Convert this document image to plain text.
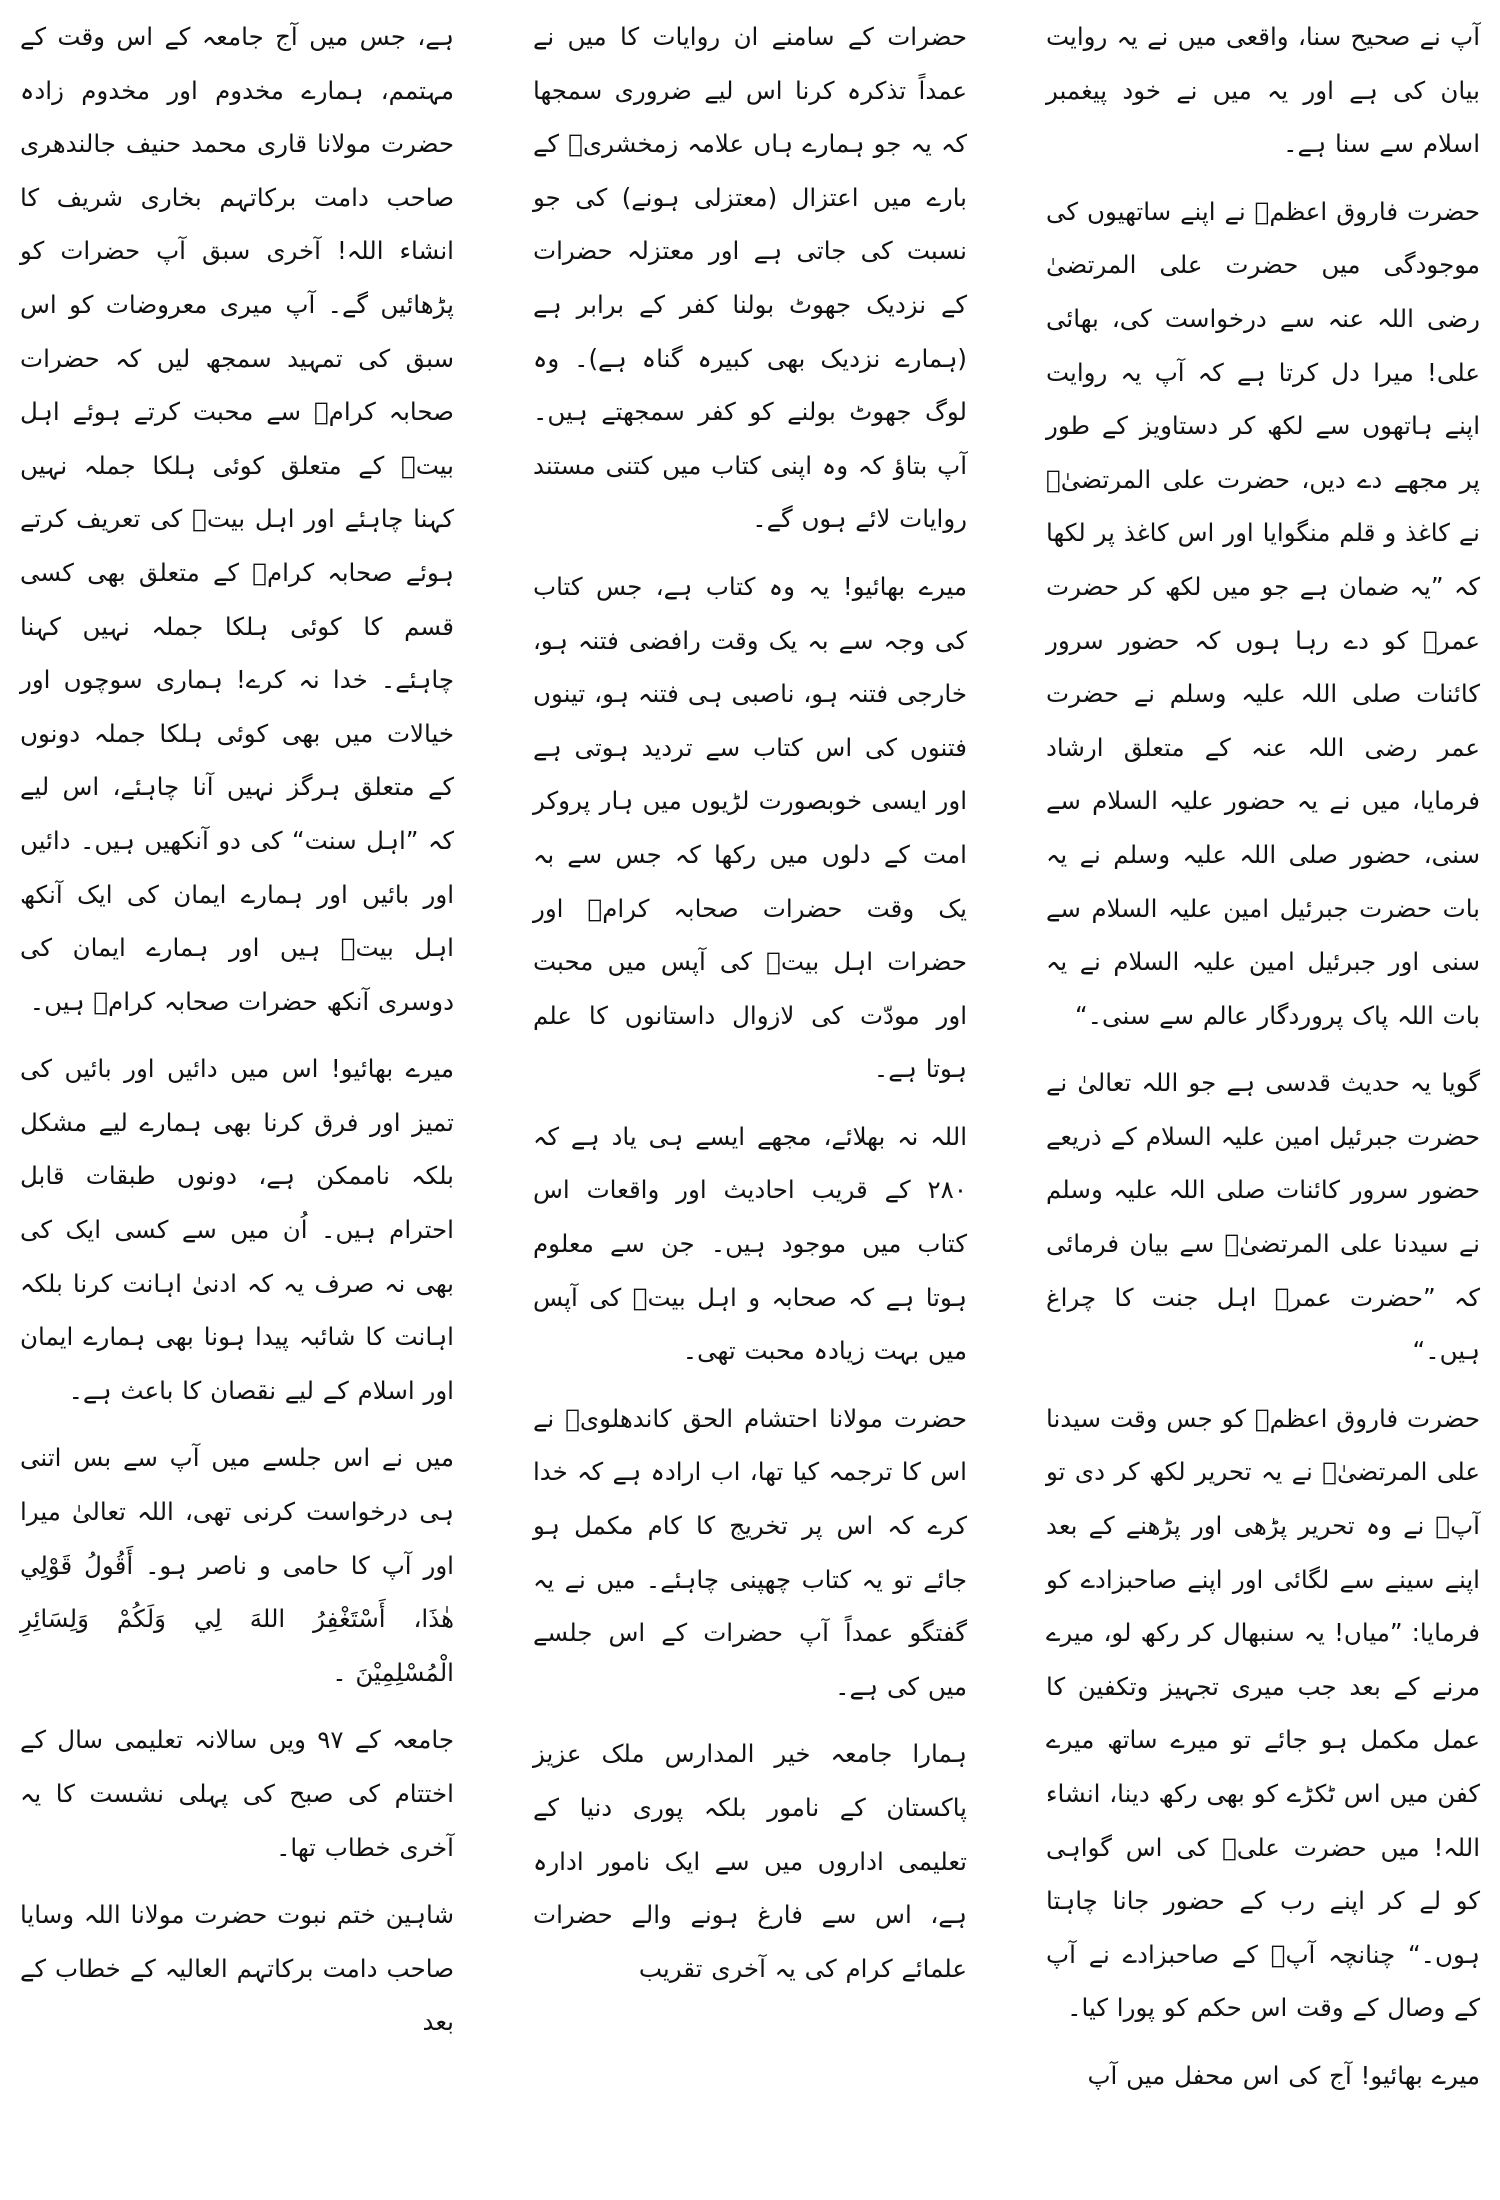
آپ نے صحیح سنا، واقعی میں نے یہ روایت بیان کی ہے اور یہ میں نے خود پیغمبر اسلام سے سنا ہے۔

حضرت فاروق اعظمؓ نے اپنے ساتھیوں کی موجودگی میں حضرت علی المرتضیٰ رضی اللہ عنہ سے درخواست کی، بھائی علی! میرا دل کرتا ہے کہ آپ یہ روایت اپنے ہاتھوں سے لکھ کر دستاویز کے طور پر مجھے دے دیں، حضرت علی المرتضیٰؓ نے کاغذ و قلم منگوایا اور اس کاغذ پر لکھا کہ ”یہ ضمان ہے جو میں لکھ کر حضرت عمرؓ کو دے رہا ہوں کہ حضور سرور کائنات صلی اللہ علیہ وسلم نے حضرت عمر رضی اللہ عنہ کے متعلق ارشاد فرمایا، میں نے یہ حضور علیہ السلام سے سنی، حضور صلی اللہ علیہ وسلم نے یہ بات حضرت جبرئیل امین علیہ السلام سے سنی اور جبرئیل امین علیہ السلام نے یہ بات اللہ پاک پروردگار عالم سے سنی۔“

گویا یہ حدیث قدسی ہے جو اللہ تعالیٰ نے حضرت جبرئیل امین علیہ السلام کے ذریعے حضور سرور کائنات صلی اللہ علیہ وسلم نے سیدنا علی المرتضیٰؓ سے بیان فرمائی کہ ”حضرت عمرؓ اہل جنت کا چراغ ہیں۔“

حضرت فاروق اعظمؓ کو جس وقت سیدنا علی المرتضیٰؓ نے یہ تحریر لکھ کر دی تو آپؓ نے وہ تحریر پڑھی اور پڑھنے کے بعد اپنے سینے سے لگائی اور اپنے صاحبزادے کو فرمایا: ”میاں! یہ سنبھال کر رکھ لو، میرے مرنے کے بعد جب میری تجہیز وتکفین کا عمل مکمل ہو جائے تو میرے ساتھ میرے کفن میں اس ٹکڑے کو بھی رکھ دینا، انشاء اللہ! میں حضرت علیؓ کی اس گواہی کو لے کر اپنے رب کے حضور جانا چاہتا ہوں۔“ چنانچہ آپؓ کے صاحبزادے نے آپ کے وصال کے وقت اس حکم کو پورا کیا۔

میرے بھائیو! آج کی اس محفل میں آپ

حضرات کے سامنے ان روایات کا میں نے عمداً تذکرہ کرنا اس لیے ضروری سمجھا کہ یہ جو ہمارے ہاں علامہ زمخشریؒ کے بارے میں اعتزال (معتزلی ہونے) کی جو نسبت کی جاتی ہے اور معتزلہ حضرات کے نزدیک جھوٹ بولنا کفر کے برابر ہے (ہمارے نزدیک بھی کبیرہ گناہ ہے)۔ وہ لوگ جھوٹ بولنے کو کفر سمجھتے ہیں۔ آپ بتاؤ کہ وہ اپنی کتاب میں کتنی مستند روایات لائے ہوں گے۔

میرے بھائیو! یہ وہ کتاب ہے، جس کتاب کی وجہ سے بہ یک وقت رافضی فتنہ ہو، خارجی فتنہ ہو، ناصبی ہی فتنہ ہو، تینوں فتنوں کی اس کتاب سے تردید ہوتی ہے اور ایسی خوبصورت لڑیوں میں ہار پروکر امت کے دلوں میں رکھا کہ جس سے بہ یک وقت حضرات صحابہ کرامؓ اور حضرات اہل بیتؓ کی آپس میں محبت اور مودّت کی لازوال داستانوں کا علم ہوتا ہے۔

اللہ نہ بھلائے، مجھے ایسے ہی یاد ہے کہ ۲۸۰ کے قریب احادیث اور واقعات اس کتاب میں موجود ہیں۔ جن سے معلوم ہوتا ہے کہ صحابہ و اہل بیتؓ کی آپس میں بہت زیادہ محبت تھی۔

حضرت مولانا احتشام الحق کاندھلویؒ نے اس کا ترجمہ کیا تھا، اب ارادہ ہے کہ خدا کرے کہ اس پر تخریج کا کام مکمل ہو جائے تو یہ کتاب چھپنی چاہئے۔ میں نے یہ گفتگو عمداً آپ حضرات کے اس جلسے میں کی ہے۔

ہمارا جامعہ خیر المدارس ملک عزیز پاکستان کے نامور بلکہ پوری دنیا کے تعلیمی اداروں میں سے ایک نامور ادارہ ہے، اس سے فارغ ہونے والے حضرات علمائے کرام کی یہ آخری تقریب

ہے، جس میں آج جامعہ کے اس وقت کے مہتمم، ہمارے مخدوم اور مخدوم زادہ حضرت مولانا قاری محمد حنیف جالندھری صاحب دامت برکاتہم بخاری شریف کا انشاء اللہ! آخری سبق آپ حضرات کو پڑھائیں گے۔ آپ میری معروضات کو اس سبق کی تمہید سمجھ لیں کہ حضرات صحابہ کرامؓ سے محبت کرتے ہوئے اہل بیتؓ کے متعلق کوئی ہلکا جملہ نہیں کہنا چاہئے اور اہل بیتؓ کی تعریف کرتے ہوئے صحابہ کرامؓ کے متعلق بھی کسی قسم کا کوئی ہلکا جملہ نہیں کہنا چاہئے۔ خدا نہ کرے! ہماری سوچوں اور خیالات میں بھی کوئی ہلکا جملہ دونوں کے متعلق ہرگز نہیں آنا چاہئے، اس لیے کہ ”اہل سنت“ کی دو آنکھیں ہیں۔ دائیں اور بائیں اور ہمارے ایمان کی ایک آنکھ اہل بیتؓ ہیں اور ہمارے ایمان کی دوسری آنکھ حضرات صحابہ کرامؓ ہیں۔

میرے بھائیو! اس میں دائیں اور بائیں کی تمیز اور فرق کرنا بھی ہمارے لیے مشکل بلکہ ناممکن ہے، دونوں طبقات قابل احترام ہیں۔ اُن میں سے کسی ایک کی بھی نہ صرف یہ کہ ادنیٰ اہانت کرنا بلکہ اہانت کا شائبہ پیدا ہونا بھی ہمارے ایمان اور اسلام کے لیے نقصان کا باعث ہے۔

میں نے اس جلسے میں آپ سے بس اتنی ہی درخواست کرنی تھی، اللہ تعالیٰ میرا اور آپ کا حامی و ناصر ہو۔ أَقُولُ قَوْلِي هٰذَا، أَسْتَغْفِرُ اللهَ لِي وَلَكُمْ وَلِسَائِرِ الْمُسْلِمِيْنَ ۔

جامعہ کے ۹۷ ویں سالانہ تعلیمی سال کے اختتام کی صبح کی پہلی نشست کا یہ آخری خطاب تھا۔

شاہین ختم نبوت حضرت مولانا اللہ وسایا صاحب دامت برکاتہم العالیہ کے خطاب کے بعد
